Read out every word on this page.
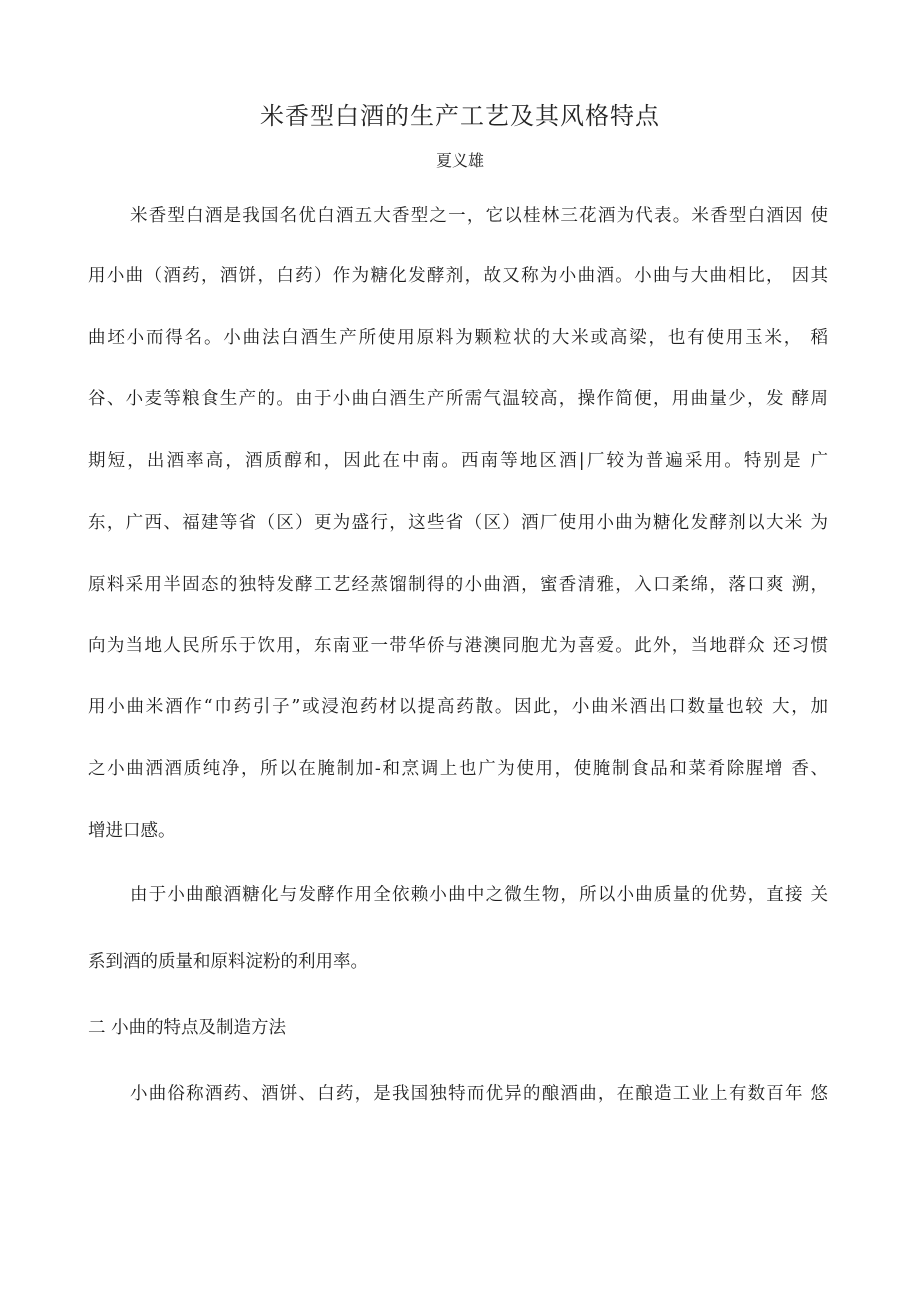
米香型白酒的生产工艺及其风格特点
夏义雄
米香型白酒是我国名优白酒五大香型之一，它以桂林三花酒为代表。米香型白酒因 使
用小曲（酒药，酒饼，白药）作为糖化发酵剂，故又称为小曲酒。小曲与大曲相比， 因其
曲坯小而得名。小曲法白酒生产所使用原料为颗粒状的大米或高梁，也有使用玉米， 稻
谷、小麦等粮食生产的。由于小曲白酒生产所需气温较高，操作简便，用曲量少，发 酵周
期短，出酒率高，酒质醇和，因此在中南。西南等地区酒|厂较为普遍采用。特别是 广
东，广西、福建等省（区）更为盛行，这些省（区）酒厂使用小曲为糖化发酵剂以大米 为
原料采用半固态的独特发酵工艺经蒸馏制得的小曲酒，蜜香清雅，入口柔绵，落口爽 溯，
向为当地人民所乐于饮用，东南亚一带华侨与港澳同胞尤为喜爱。此外，当地群众 还习惯
用小曲米酒作“巾药引子”或浸泡药材以提高药散。因此，小曲米酒出口数量也较 大，加
之小曲洒酒质纯净，所以在腌制加-和烹调上也广为使用，使腌制食品和菜肴除腥增 香、
增进口感。
由于小曲酿酒糖化与发酵作用全依赖小曲中之微生物，所以小曲质量的优势，直接 关
系到酒的质量和原料淀粉的利用率。
二 小曲的特点及制造方法
小曲俗称酒药、酒饼、白药，是我国独特而优异的酿酒曲，在酿造工业上有数百年 悠
